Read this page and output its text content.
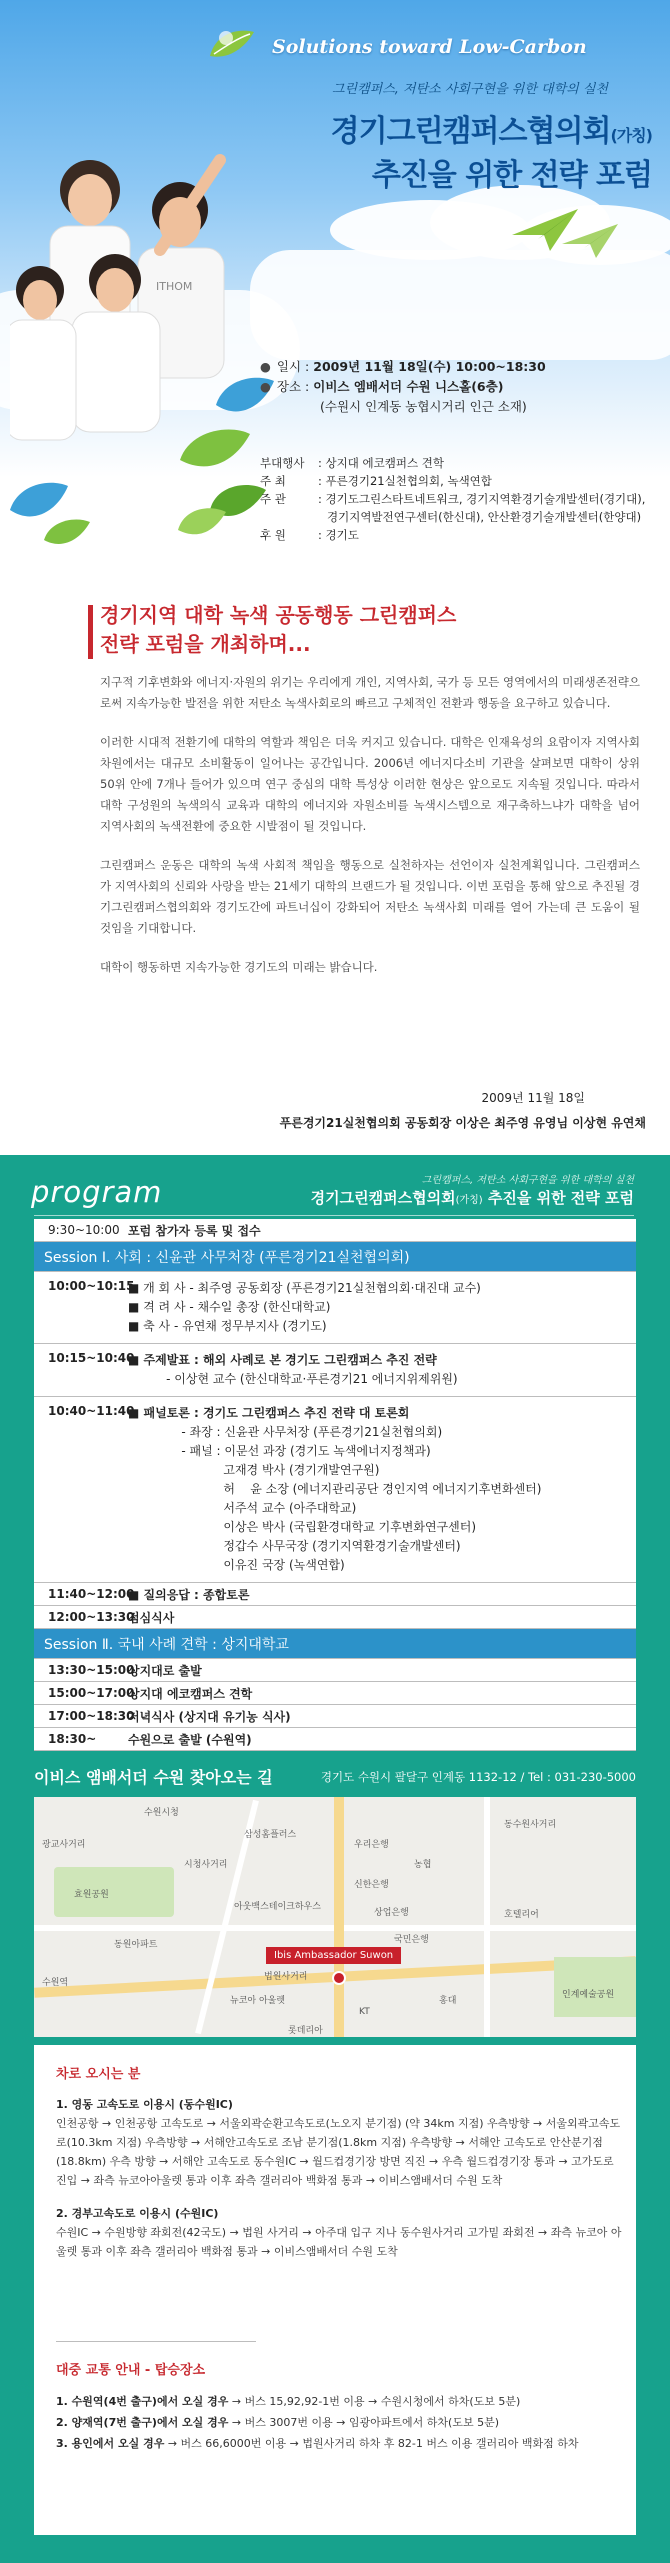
Solutions toward Low-Carbon
그린캠퍼스, 저탄소 사회구현을 위한 대학의 실천
경기그린캠퍼스협의회(가칭)
추진을 위한 전략 포럼
ITHOM
● 일시 : 2009년 11월 18일(수) 10:00~18:30
● 장소 : 이비스 엠배서더 수원 니스홀(6층)
(수원시 인계동 농협시거리 인근 소재)
부대행사	: 상지대 에코캠퍼스 견학
주 최	: 푸른경기21실천협의회, 녹색연합
주 관	: 경기도그린스타트네트워크, 경기지역환경기술개발센터(경기대),
경기지역발전연구센터(한신대), 안산환경기술개발센터(한양대)
후 원	: 경기도
경기지역 대학 녹색 공동행동 그린캠퍼스
전략 포럼을 개최하며...

지구적 기후변화와 에너지·자원의 위기는 우리에게 개인, 지역사회, 국가 등 모든 영역에서의 미래생존전략으로써 지속가능한 발전을 위한 저탄소 녹색사회로의 빠르고 구체적인 전환과 행동을 요구하고 있습니다.

이러한 시대적 전환기에 대학의 역할과 책임은 더욱 커지고 있습니다. 대학은 인재육성의 요람이자 지역사회 차원에서는 대규모 소비활동이 일어나는 공간입니다. 2006년 에너지다소비 기관을 살펴보면 대학이 상위 50위 안에 7개나 들어가 있으며 연구 중심의 대학 특성상 이러한 현상은 앞으로도 지속될 것입니다. 따라서 대학 구성원의 녹색의식 교육과 대학의 에너지와 자원소비를 녹색시스템으로 재구축하느냐가 대학을 넘어 지역사회의 녹색전환에 중요한 시발점이 될 것입니다.

그린캠퍼스 운동은 대학의 녹색 사회적 책임을 행동으로 실천하자는 선언이자 실천계획입니다. 그린캠퍼스가 지역사회의 신뢰와 사랑을 받는 21세기 대학의 브랜드가 될 것입니다. 이번 포럼을 통해 앞으로 추진될 경기그린캠퍼스협의회와 경기도간에 파트너십이 강화되어 저탄소 녹색사회 미래를 열어 가는데 큰 도움이 될 것임을 기대합니다.

대학이 행동하면 지속가능한 경기도의 미래는 밝습니다.

2009년 11월 18일
푸른경기21실천협의회 공동회장 이상은 최주영 유영님 이상현 유연채
program	그린캠퍼스, 저탄소 사회구현을 위한 대학의 실천
경기그린캠퍼스협의회(가칭) 추진을 위한 전략 포럼
9:30~10:00 포럼 참가자 등록 및 접수
Session Ⅰ. 사회 : 신윤관 사무처장 (푸른경기21실천협의회)
10:00~10:15
■ 개 회 사 - 최주영 공동회장 (푸른경기21실천협의회·대진대 교수)
■ 격 려 사 - 채수일 총장 (한신대학교)
■ 축 사 - 유연채 정무부지사 (경기도)
10:15~10:40
■ 주제발표 : 해외 사례로 본 경기도 그린캠퍼스 추진 전략
- 이상현 교수 (한신대학교·푸른경기21 에너지위제위원)
10:40~11:40
■ 패널토론 : 경기도 그린캠퍼스 추진 전략 대 토론회
- 좌장 : 신윤관 사무처장 (푸른경기21실천협의회)
- 패널 : 이문선 과장 (경기도 녹색에너지정책과)
고재경 박사 (경기개발연구원)
허    윤 소장 (에너지관리공단 경인지역 에너지기후변화센터)
서주석 교수 (아주대학교)
이상은 박사 (국립환경대학교 기후변화연구센터)
정갑수 사무국장 (경기지역환경기술개발센터)
이유진 국장 (녹색연합)
11:40~12:00
■ 질의응답 : 종합토론
12:00~13:30
점심식사
Session Ⅱ. 국내 사례 견학 : 상지대학교
13:30~15:00
상지대로 출발
15:00~17:00
상지대 에코캠퍼스 견학
17:00~18:30
저녁식사 (상지대 유기농 식사)
18:30~	수원으로 출발 (수원역)
이비스 앰배서더 수원 찾아오는 길	경기도 수원시 팔달구 인계동 1132-12 / Tel : 031-230-5000
Ibis Ambassador Suwon
수원시청
삼성홈플러스
우리은행
농협
신한은행
아웃백스테이크하우스
상업은행
국민은행
뉴코아 아울렛
KT
홍대
동원아파트
인계예술공원
효원공원
롯데리아
법원사거리
광교사거리
시청사거리
수원역
동수원사거리
호텔리어
차로 오시는 분
1. 영동 고속도로 이용시 (동수원IC)
인천공항 → 인천공항 고속도로 → 서울외곽순환고속도로(노오지 분기점) (약 34km 지점) 우측방향 → 서울외곽고속도로(10.3km 지점) 우측방향 → 서해안고속도로 조남 분기점(1.8km 지점) 우측방향 → 서해안 고속도로 안산분기점(18.8km) 우측 방향 → 서해안 고속도로 동수원IC → 월드컵경기장 방면 직진 → 우측 월드컵경기장 통과 → 고가도로 진입 → 좌측 뉴코아아울렛 통과 이후 좌측 갤러리아 백화점 통과 → 이비스앰배서더 수원 도착
2. 경부고속도로 이용시 (수원IC)
수원IC → 수원방향 좌회전(42국도) → 법원 사거리 → 아주대 입구 지나 동수원사거리 고가밑 좌회전 → 좌측 뉴코아 아울렛 통과 이후 좌측 갤러리아 백화점 통과 → 이비스앰배서더 수원 도착
대중 교통 안내 - 탑승장소
1. 수원역(4번 출구)에서 오실 경우 → 버스 15,92,92-1번 이용 → 수원시청에서 하차(도보 5분)
2. 양재역(7번 출구)에서 오실 경우 → 버스 3007번 이용 → 임광아파트에서 하차(도보 5분)
3. 용인에서 오실 경우 → 버스 66,6000번 이용 → 법원사거리 하차 후 82-1 버스 이용 갤러리아 백화점 하차
